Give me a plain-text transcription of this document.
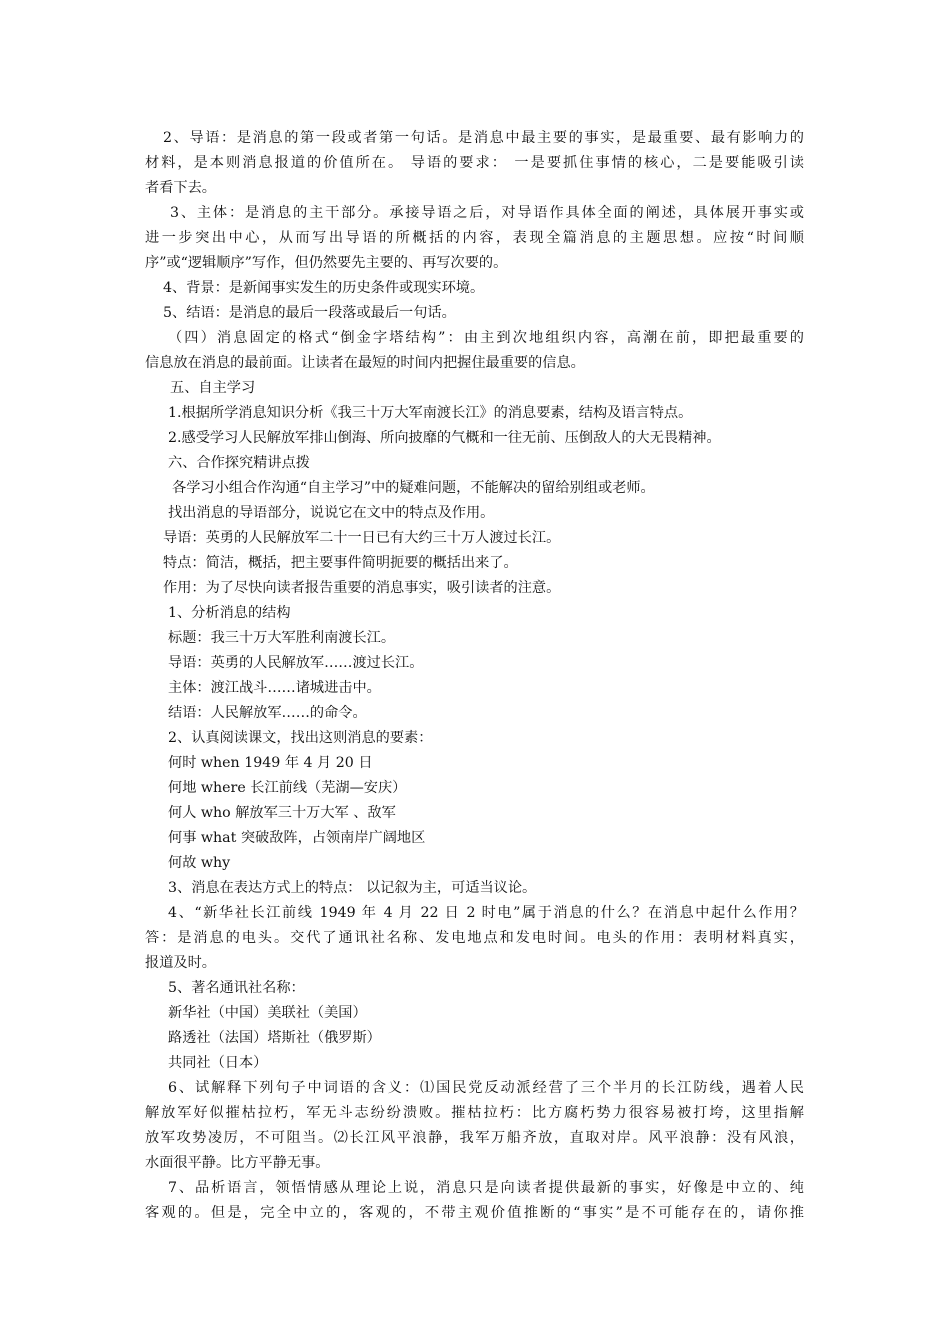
2、导语：是消息的第一段或者第一句话。是消息中最主要的事实，是最重要、最有影响力的
材料，是本则消息报道的价值所在。 导语的要求： 一是要抓住事情的核心，二是要能吸引读
者看下去。
3、主体：是消息的主干部分。承接导语之后，对导语作具体全面的阐述，具体展开事实或
进一步突出中心，从而写出导语的所概括的内容，表现全篇消息的主题思想。应按“时间顺
序”或“逻辑顺序”写作，但仍然要先主要的、再写次要的。
4、背景：是新闻事实发生的历史条件或现实环境。
5、结语：是消息的最后一段落或最后一句话。
（四）消息固定的格式“倒金字塔结构”：由主到次地组织内容，高潮在前，即把最重要的
信息放在消息的最前面。让读者在最短的时间内把握住最重要的信息。
五、自主学习
1.根据所学消息知识分析《我三十万大军南渡长江》的消息要素，结构及语言特点。
2.感受学习人民解放军排山倒海、所向披靡的气概和一往无前、压倒敌人的大无畏精神。
六、合作探究精讲点拨
各学习小组合作沟通“自主学习”中的疑难问题，不能解决的留给别组或老师。
找出消息的导语部分，说说它在文中的特点及作用。
导语：英勇的人民解放军二十一日已有大约三十万人渡过长江。
特点：简洁，概括，把主要事件简明扼要的概括出来了。
作用：为了尽快向读者报告重要的消息事实，吸引读者的注意。
1、分析消息的结构
标题：我三十万大军胜利南渡长江。
导语：英勇的人民解放军……渡过长江。
主体：渡江战斗……诸城进击中。
结语：人民解放军……的命令。
2、认真阅读课文，找出这则消息的要素：
何时 when 1949 年 4 月 20 日
何地 where 长江前线（芜湖—安庆）
何人 who 解放军三十万大军 、敌军
何事 what 突破敌阵，占领南岸广阔地区
何故 why
3、消息在表达方式上的特点： 以记叙为主，可适当议论。
4、“新华社长江前线 1949 年 4 月 22 日 2 时电”属于消息的什么？在消息中起什么作用？
答：是消息的电头。交代了通讯社名称、发电地点和发电时间。电头的作用：表明材料真实，
报道及时。
5、著名通讯社名称：
新华社（中国）美联社（美国）
路透社（法国）塔斯社（俄罗斯）
共同社（日本）
6、试解释下列句子中词语的含义：⑴国民党反动派经营了三个半月的长江防线，遇着人民
解放军好似摧枯拉朽，军无斗志纷纷溃败。摧枯拉朽：比方腐朽势力很容易被打垮，这里指解
放军攻势凌厉，不可阻当。⑵长江风平浪静，我军万船齐放，直取对岸。风平浪静：没有风浪，
水面很平静。比方平静无事。
7、品析语言，领悟情感从理论上说，消息只是向读者提供最新的事实，好像是中立的、纯
客观的。但是，完全中立的，客观的，不带主观价值推断的“事实”是不可能存在的，请你推
